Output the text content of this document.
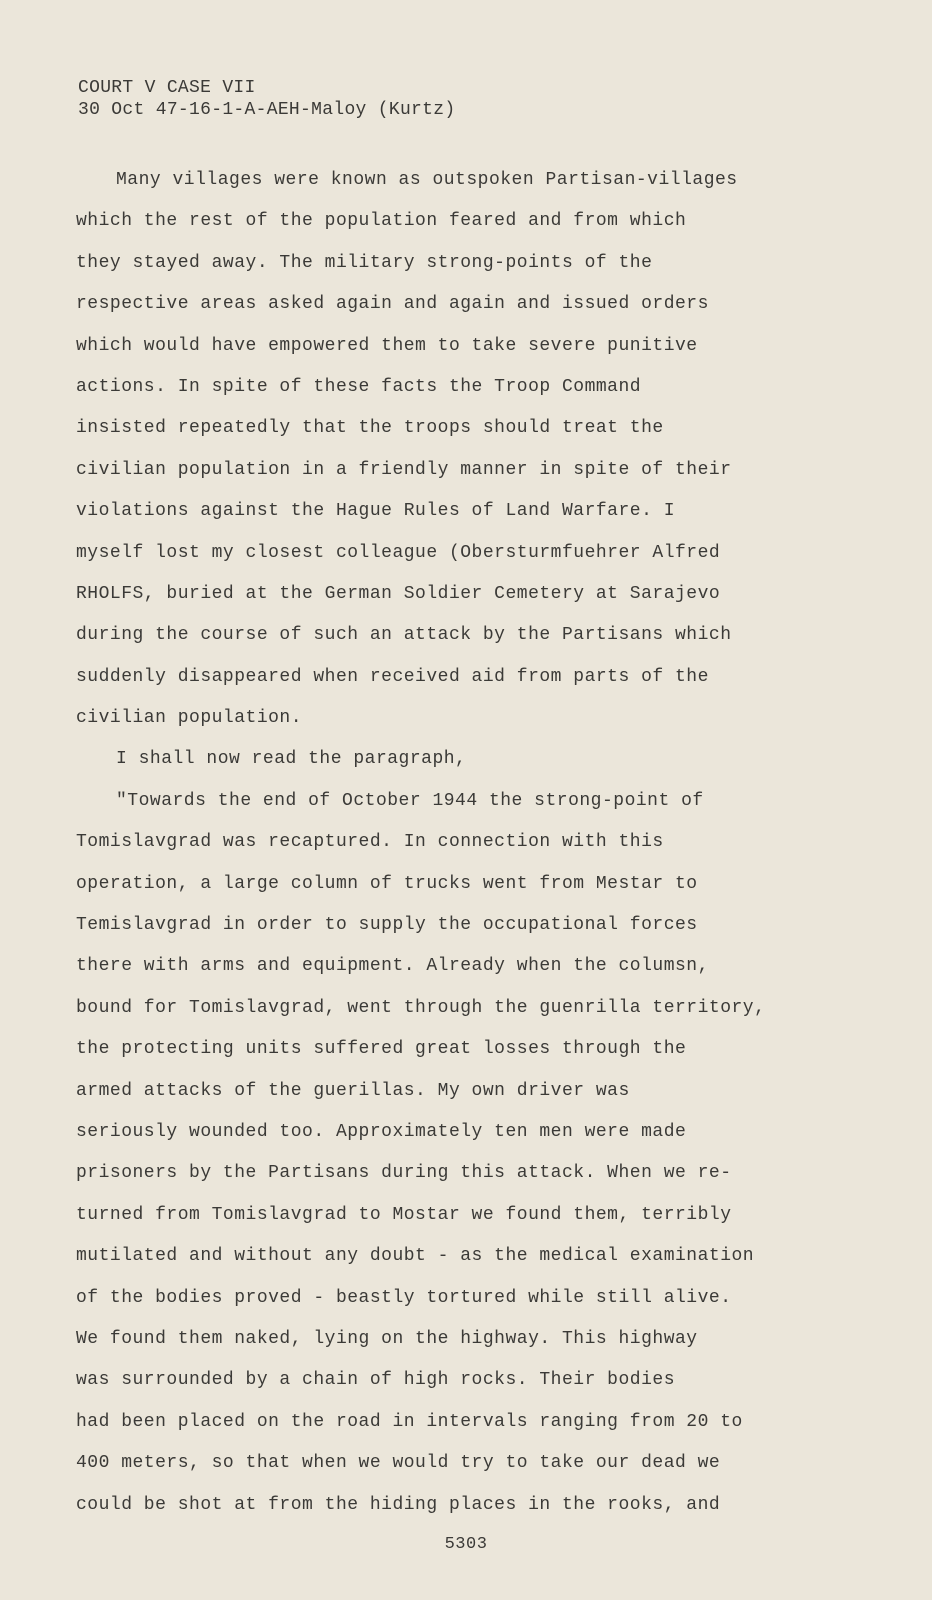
COURT V CASE VII
30 Oct 47-16-1-A-AEH-Maloy (Kurtz)
Many villages were known as outspoken Partisan-villages
which the rest of the population feared and from which
they stayed away. The military strong-points of the
respective areas asked again and again and issued orders
which would have empowered them to take severe punitive
actions. In spite of these facts the Troop Command
insisted repeatedly that the troops should treat the
civilian population in a friendly manner in spite of their
violations against the Hague Rules of Land Warfare. I
myself lost my closest colleague (Obersturmfuehrer Alfred
RHOLFS, buried at the German Soldier Cemetery at Sarajevo
during the course of such an attack by the Partisans which
suddenly disappeared when received aid from parts of the
civilian population.
I shall now read the paragraph,
"Towards the end of October 1944 the strong-point of
Tomislavgrad was recaptured. In connection with this
operation, a large column of trucks went from Mestar to
Temislavgrad in order to supply the occupational forces
there with arms and equipment. Already when the columsn,
bound for Tomislavgrad, went through the guenrilla territory,
the protecting units suffered great losses through the
armed attacks of the guerillas. My own driver was
seriously wounded too. Approximately ten men were made
prisoners by the Partisans during this attack. When we re-
turned from Tomislavgrad to Mostar we found them, terribly
mutilated and without any doubt - as the medical examination
of the bodies proved - beastly tortured while still alive.
We found them naked, lying on the highway. This highway
was surrounded by a chain of high rocks. Their bodies
had been placed on the road in intervals ranging from 20 to
400 meters, so that when we would try to take our dead we
could be shot at from the hiding places in the rooks, and
5303
